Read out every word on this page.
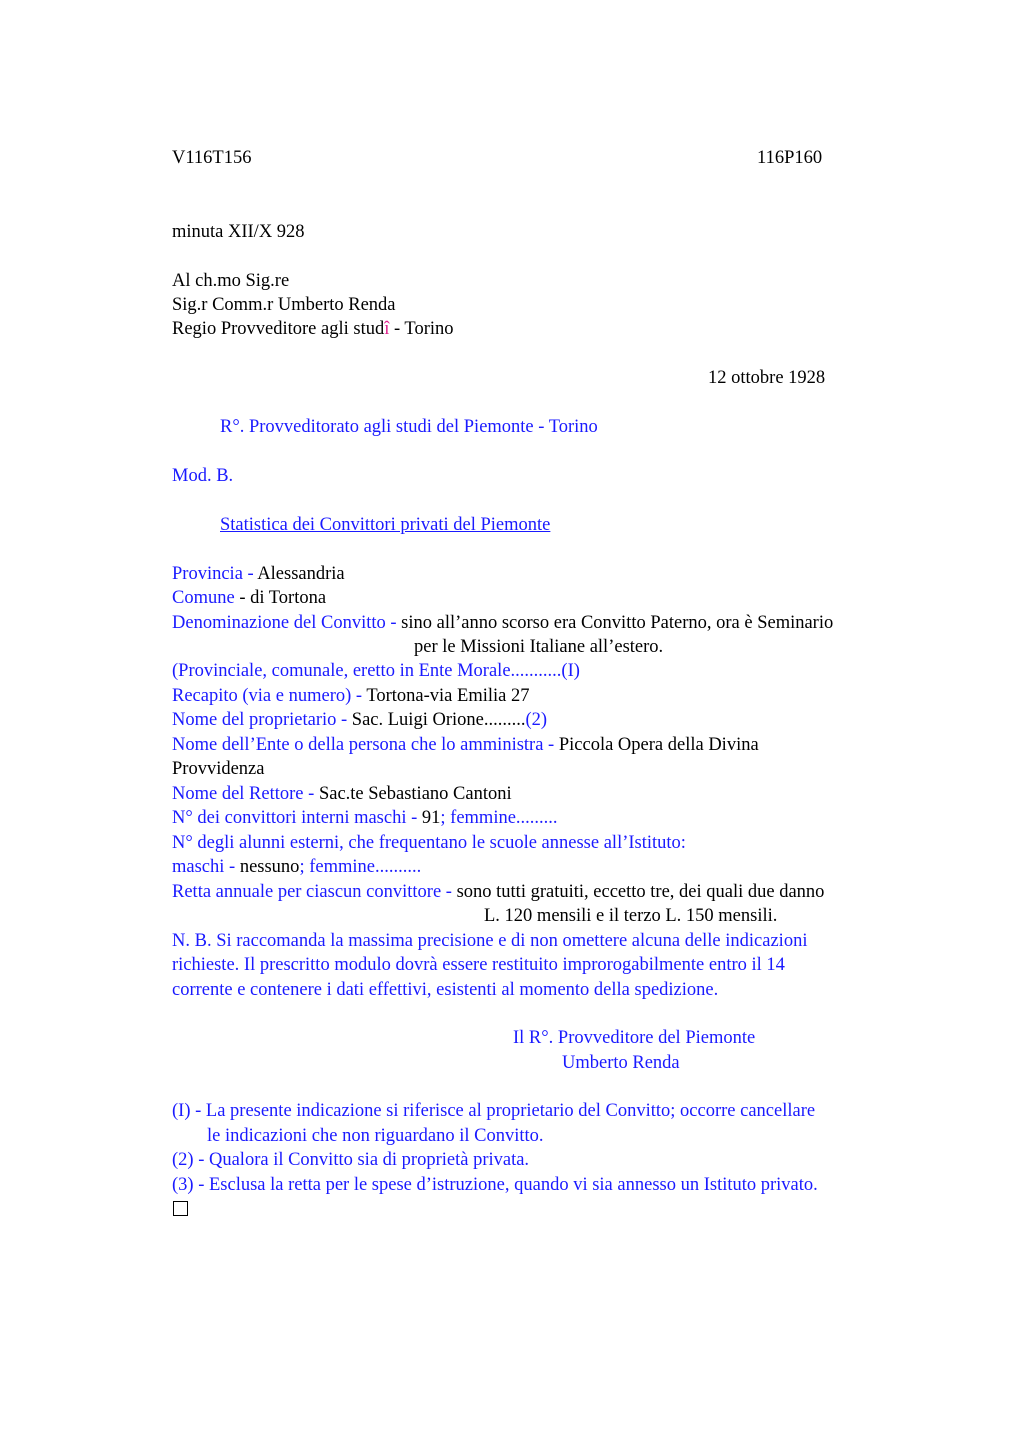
V116T156	116P160
minuta XII/X 928
Al ch.mo Sig.re
Sig.r Comm.r Umberto Renda
Regio Provveditore agli studî - Torino
12 ottobre 1928
R°. Provveditorato agli studi del Piemonte - Torino
Mod. B.
Statistica dei Convittori privati del Piemonte
Provincia - Alessandria
Comune - di Tortona
Denominazione del Convitto - sino all’anno scorso era Convitto Paterno, ora è Seminario
per le Missioni Italiane all’estero.
(Provinciale, comunale, eretto in Ente Morale...........(I)
Recapito (via e numero) - Tortona-via Emilia 27
Nome del proprietario - Sac. Luigi Orione.........(2)
Nome dell’Ente o della persona che lo amministra - Piccola Opera della Divina
Provvidenza
Nome del Rettore - Sac.te Sebastiano Cantoni
N° dei convittori interni maschi - 91; femmine.........
N° degli alunni esterni, che frequentano le scuole annesse all’Istituto:
maschi - nessuno; femmine..........
Retta annuale per ciascun convittore - sono tutti gratuiti, eccetto tre, dei quali due danno
L. 120 mensili e il terzo L. 150 mensili.
N. B. Si raccomanda la massima precisione e di non omettere alcuna delle indicazioni
richieste. Il prescritto modulo dovrà essere restituito improrogabilmente entro il 14
corrente e contenere i dati effettivi, esistenti al momento della spedizione.
Il R°. Provveditore del Piemonte
Umberto Renda
(I) - La presente indicazione si riferisce al proprietario del Convitto; occorre cancellare
le indicazioni che non riguardano il Convitto.
(2) - Qualora il Convitto sia di proprietà privata.
(3) - Esclusa la retta per le spese d’istruzione, quando vi sia annesso un Istituto privato.
